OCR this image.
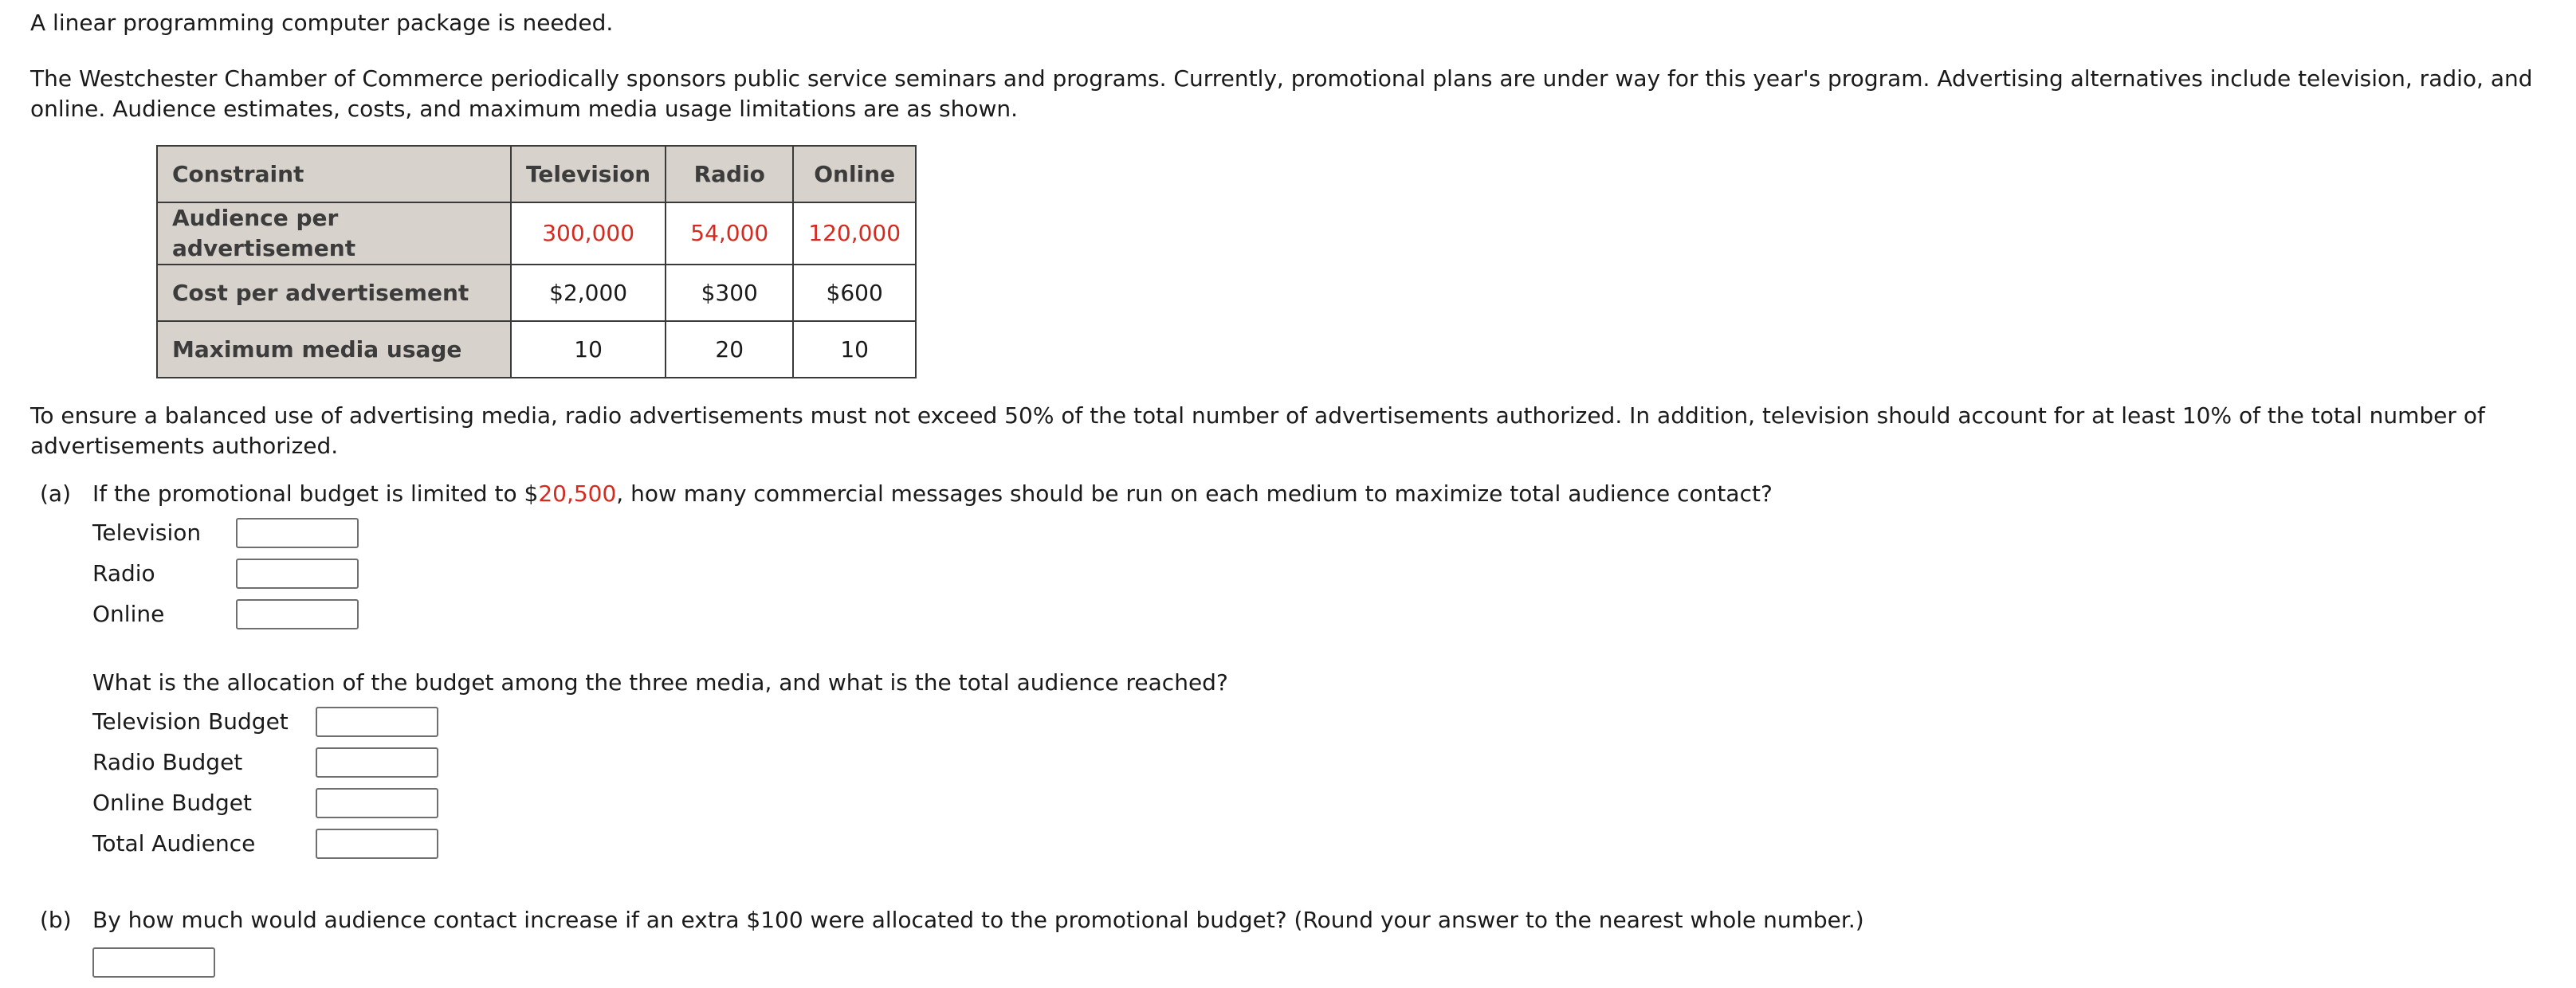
A linear programming computer package is needed.

The Westchester Chamber of Commerce periodically sponsors public service seminars and programs. Currently, promotional plans are under way for this year's program. Advertising alternatives include television, radio, and online. Audience estimates, costs, and maximum media usage limitations are as shown.

Constraint	Television	Radio	Online
Audience per advertisement	300,000	54,000	120,000
Cost per advertisement	$2,000	$300	$600
Maximum media usage	10	20	10

To ensure a balanced use of advertising media, radio advertisements must not exceed 50% of the total number of advertisements authorized. In addition, television should account for at least 10% of the total number of advertisements authorized.

(a) If the promotional budget is limited to $20,500, how many commercial messages should be run on each medium to maximize total audience contact?
Television
Radio
Online
What is the allocation of the budget among the three media, and what is the total audience reached?
Television Budget
Radio Budget
Online Budget
Total Audience
(b) By how much would audience contact increase if an extra $100 were allocated to the promotional budget? (Round your answer to the nearest whole number.)
